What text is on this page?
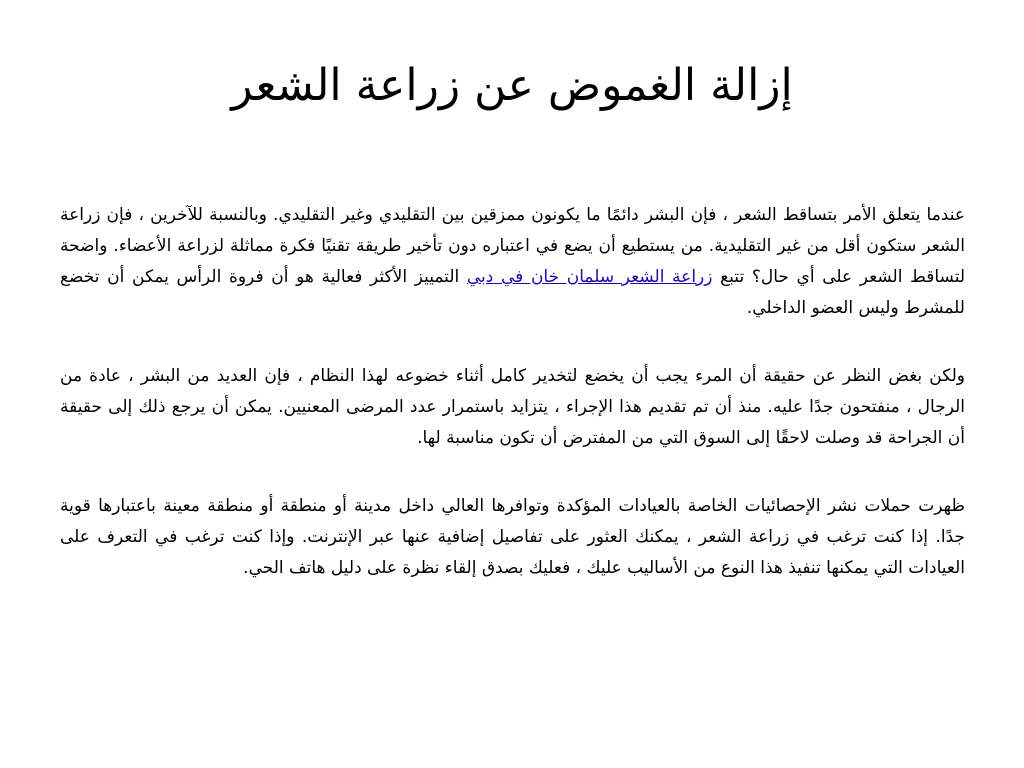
إزالة الغموض عن زراعة الشعر

عندما يتعلق الأمر بتساقط الشعر ، فإن البشر دائمًا ما يكونون ممزقين بين التقليدي وغير التقليدي. وبالنسبة للآخرين ، فإن زراعة الشعر ستكون أقل من غير التقليدية. من يستطيع أن يضع في اعتباره دون تأخير طريقة تقنيًا فكرة مماثلة لزراعة الأعضاء. واضحة لتساقط الشعر على أي حال؟ تتبع زراعة الشعر سلمان خان في دبي التمييز الأكثر فعالية هو أن فروة الرأس يمكن أن تخضع للمشرط وليس العضو الداخلي.

ولكن بغض النظر عن حقيقة أن المرء يجب أن يخضع لتخدير كامل أثناء خضوعه لهذا النظام ، فإن العديد من البشر ، عادة من الرجال ، منفتحون جدًا عليه. منذ أن تم تقديم هذا الإجراء ، يتزايد باستمرار عدد المرضى المعنيين. يمكن أن يرجع ذلك إلى حقيقة أن الجراحة قد وصلت لاحقًا إلى السوق التي من المفترض أن تكون مناسبة لها.

ظهرت حملات نشر الإحصائيات الخاصة بالعيادات المؤكدة وتوافرها العالي داخل مدينة أو منطقة أو منطقة معينة باعتبارها قوية جدًا. إذا كنت ترغب في زراعة الشعر ، يمكنك العثور على تفاصيل إضافية عنها عبر الإنترنت. وإذا كنت ترغب في التعرف على العيادات التي يمكنها تنفيذ هذا النوع من الأساليب عليك ، فعليك بصدق إلقاء نظرة على دليل هاتف الحي.
